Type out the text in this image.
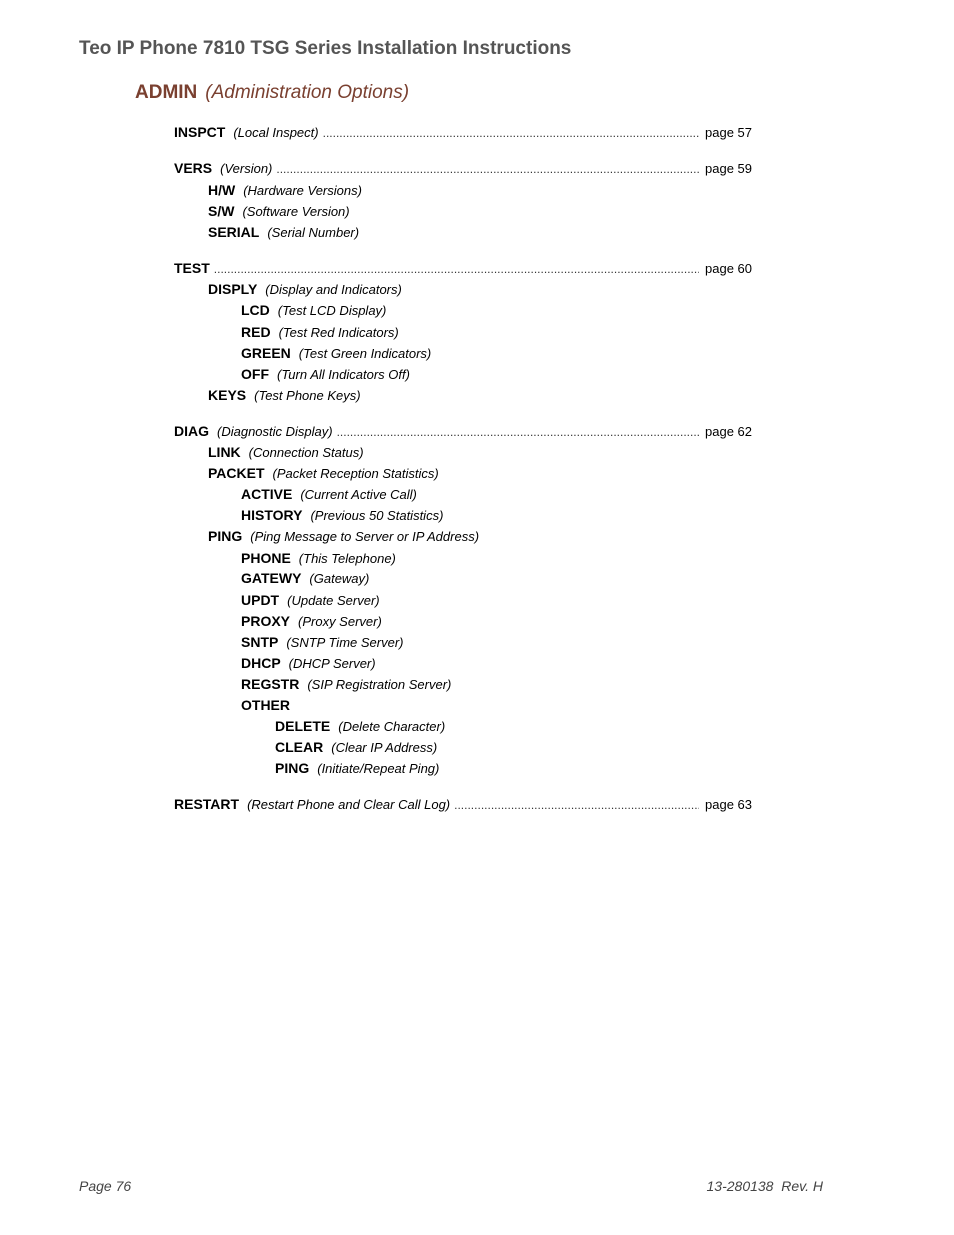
Teo IP Phone 7810 TSG Series Installation Instructions
ADMIN (Administration Options)
INSPCT (Local Inspect) .....	page 57
VERS (Version) .....	page 59
H/W (Hardware Versions)
S/W (Software Version)
SERIAL (Serial Number)
TEST .....	page 60
DISPLY (Display and Indicators)
LCD (Test LCD Display)
RED (Test Red Indicators)
GREEN (Test Green Indicators)
OFF (Turn All Indicators Off)
KEYS (Test Phone Keys)
DIAG (Diagnostic Display) .....	page 62
LINK (Connection Status)
PACKET (Packet Reception Statistics)
ACTIVE (Current Active Call)
HISTORY (Previous 50 Statistics)
PING (Ping Message to Server or IP Address)
PHONE (This Telephone)
GATEWY (Gateway)
UPDT (Update Server)
PROXY (Proxy Server)
SNTP (SNTP Time Server)
DHCP (DHCP Server)
REGSTR (SIP Registration Server)
OTHER
DELETE (Delete Character)
CLEAR (Clear IP Address)
PING (Initiate/Repeat Ping)
RESTART (Restart Phone and Clear Call Log) .....	page 63
Page 76	13-280138  Rev. H
